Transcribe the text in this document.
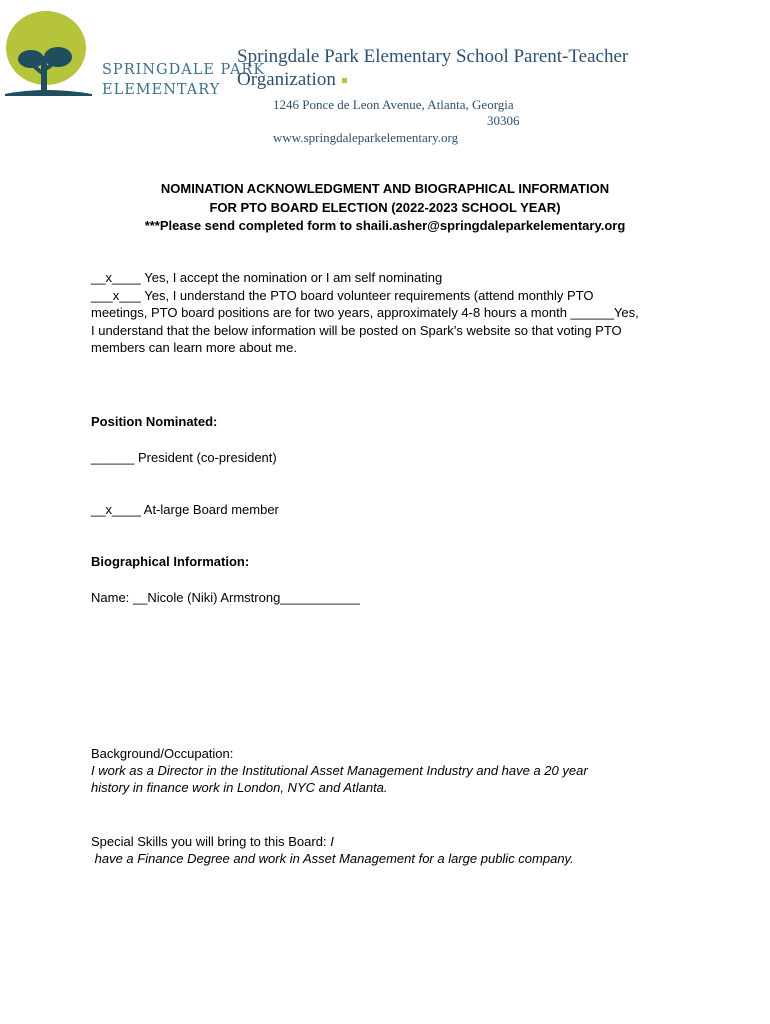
SPRINGDALE PARK
ELEMENTARY
Springdale Park Elementary School Parent-Teacher Organization
1246 Ponce de Leon Avenue, Atlanta, Georgia
30306
www.springdaleparkelementary.org
NOMINATION ACKNOWLEDGMENT AND BIOGRAPHICAL INFORMATION
FOR PTO BOARD ELECTION (2022-2023 SCHOOL YEAR)
***Please send completed form to shaili.asher@springdaleparkelementary.org
__x____ Yes, I accept the nomination or I am self nominating
___x___ Yes, I understand the PTO board volunteer requirements (attend monthly PTO
meetings, PTO board positions are for two years, approximately 4-8 hours a month ______Yes,
I understand that the below information will be posted on Spark’s website so that voting PTO
members can learn more about me.
Position Nominated:
______ President (co-president)
__x____ At-large Board member
Biographical Information:
Name: __Nicole (Niki) Armstrong___________
Background/Occupation:
I work as a Director in the Institutional Asset Management Industry and have a 20 year
history in finance work in London, NYC and Atlanta.
Special Skills you will bring to this Board: I
have a Finance Degree and work in Asset Management for a large public company.
